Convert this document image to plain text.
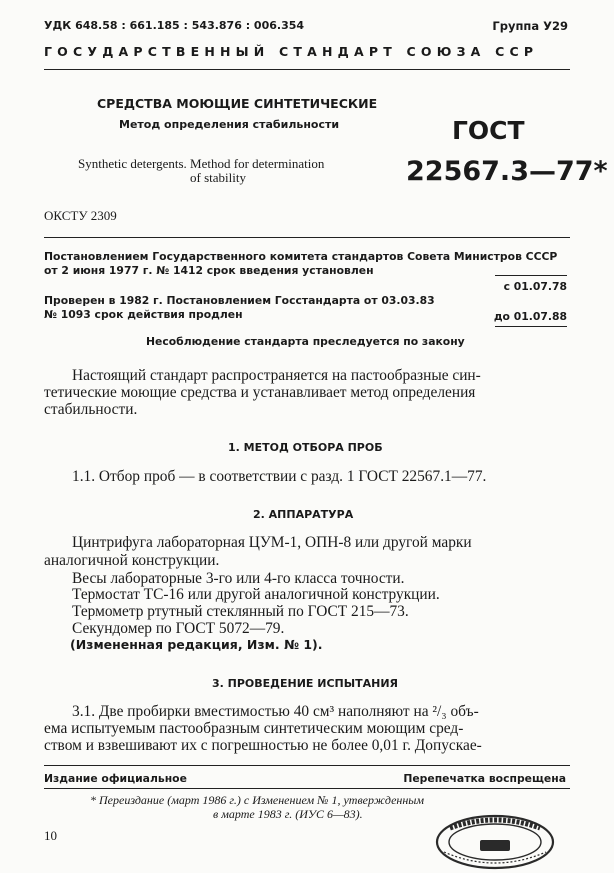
УДК 648.58 : 661.185 : 543.876 : 006.354	Группа У29
ГОСУДАРСТВЕННЫЙ СТАНДАРТ СОЮЗА ССР
СРЕДСТВА МОЮЩИЕ СИНТЕТИЧЕСКИЕ
Метод определения стабильности	ГОСТ
Synthetic detergents. Method for determination
of stability	22567.3—77*
ОКСТУ 2309
Постановлением Государственного комитета стандартов Совета Министров СССР
от 2 июня 1977 г. № 1412 срок введения установлен
с 01.07.78
Проверен в 1982 г. Постановлением Госстандарта от 03.03.83
№ 1093 срок действия продлен	до 01.07.88
Несоблюдение стандарта преследуется по закону
Настоящий стандарт распространяется на пастообразные син-
тетические моющие средства и устанавливает метод определения
стабильности.
1. МЕТОД ОТБОРА ПРОБ
1.1. Отбор проб — в соответствии с разд. 1 ГОСТ 22567.1—77.
2. АППАРАТУРА
Цинтрифуга лабораторная ЦУМ-1, ОПН-8 или другой марки
аналогичной конструкции.
Весы лабораторные 3-го или 4-го класса точности.
Термостат ТС-16 или другой аналогичной конструкции.
Термометр ртутный стеклянный по ГОСТ 215—73.
Секундомер по ГОСТ 5072—79.
(Измененная редакция, Изм. № 1).
3. ПРОВЕДЕНИЕ ИСПЫТАНИЯ
3.1. Две пробирки вместимостью 40 см³ наполняют на ²/₃ объ-
ема испытуемым пастообразным синтетическим моющим сред-
ством и взвешивают их с погрешностью не более 0,01 г. Допускае-
Издание официальное	Перепечатка воспрещена
* Переиздание (март 1986 г.) с Изменением № 1, утвержденным
в марте 1983 г. (ИУС 6—83).
10
